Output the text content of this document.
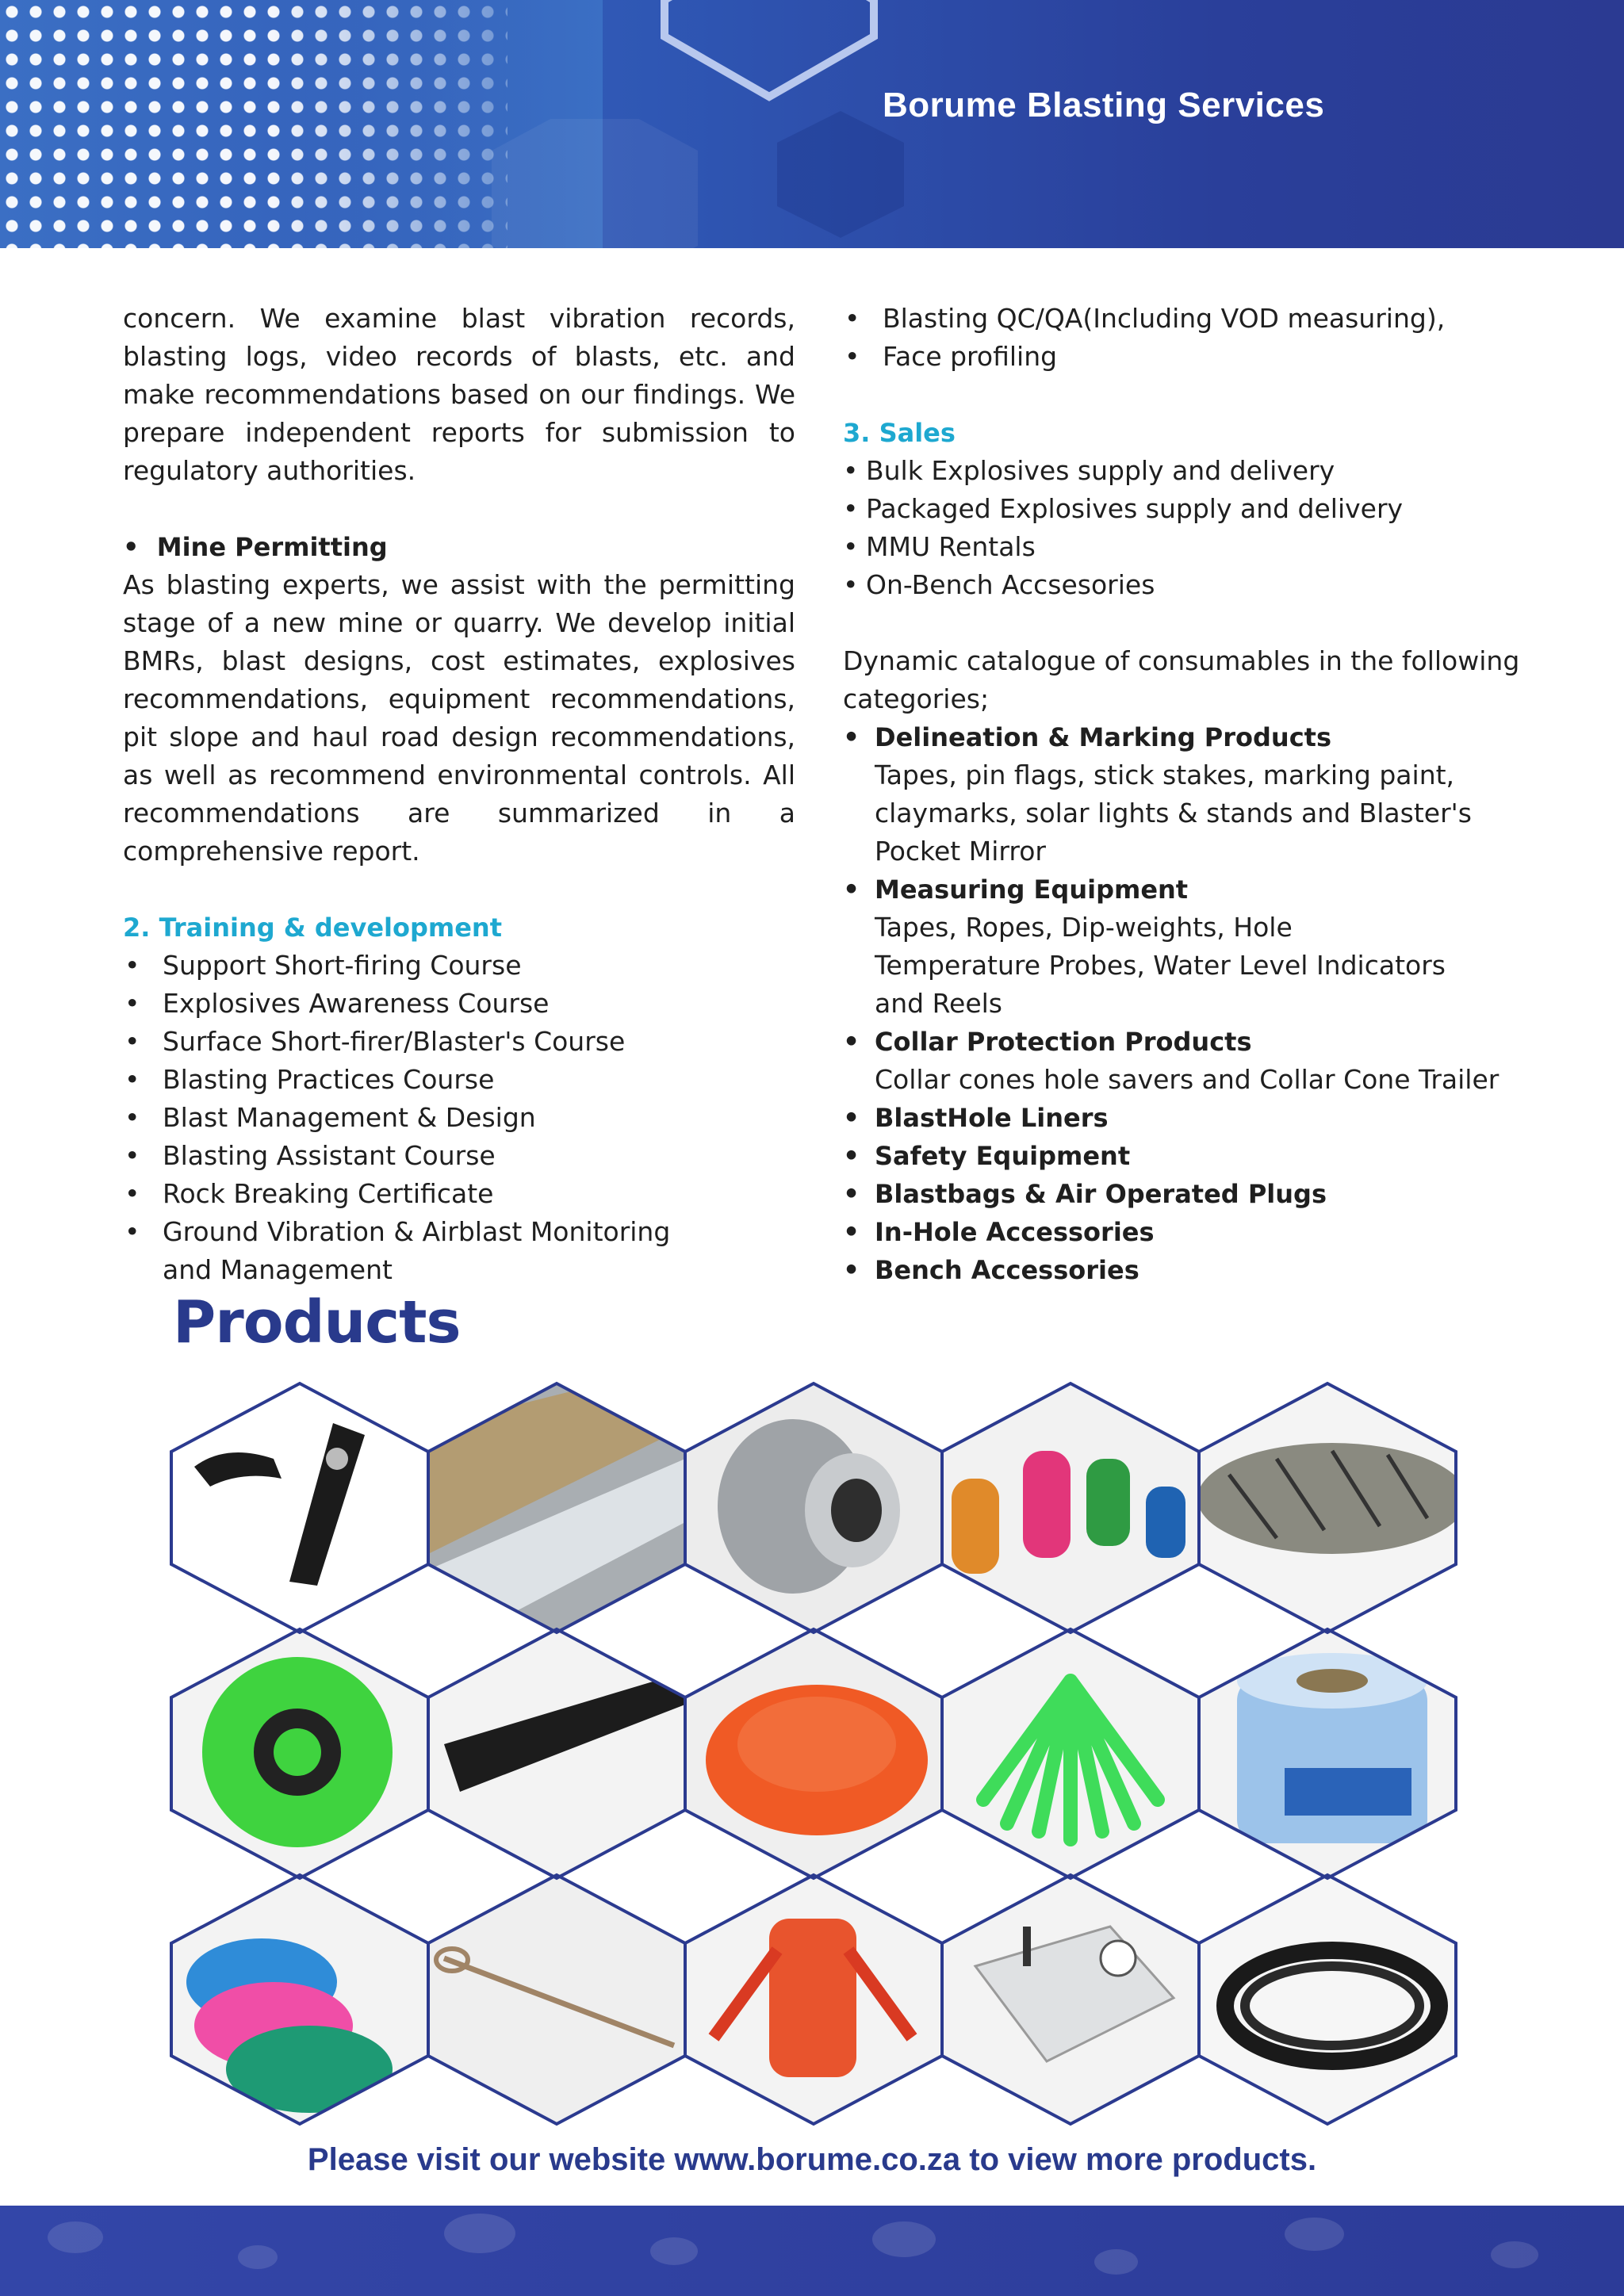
Borume Blasting Services

concern. We examine blast vibration records, blasting logs, video records of blasts, etc. and make recommendations based on our findings. We prepare independent reports for submission to regulatory authorities.

•  Mine Permitting

As blasting experts, we assist with the permitting stage of a new mine or quarry. We develop initial BMRs, blast designs, cost estimates, explosives recommendations, equipment recommendations, pit slope and haul road design recommendations, as well as recommend environmental controls. All recommendations are summarized in a comprehensive report.

2. Training & development
• Support Short-firing Course
• Explosives Awareness Course
• Surface Short-firer/Blaster's Course
• Blasting Practices Course
• Blast Management & Design
• Blasting Assistant Course
• Rock Breaking Certificate
• Ground Vibration & Airblast Monitoring and Management
• Blasting QC/QA(Including VOD measuring),
• Face profiling
3. Sales
• Bulk Explosives supply and delivery
• Packaged Explosives supply and delivery
• MMU Rentals
• On-Bench Accsesories

Dynamic catalogue of consumables in the following categories;

• Delineation & Marking Products
Tapes, pin flags, stick stakes, marking paint, claymarks, solar lights & stands and Blaster's Pocket Mirror
• Measuring Equipment
Tapes, Ropes, Dip-weights, Hole Temperature Probes, Water Level Indicators and Reels
• Collar Protection Products
Collar cones hole savers and Collar Cone Trailer
• BlastHole Liners
• Safety Equipment
• Blastbags & Air Operated Plugs
• In-Hole Accessories
• Bench Accessories
Products
Please visit our website www.borume.co.za to view more products.
